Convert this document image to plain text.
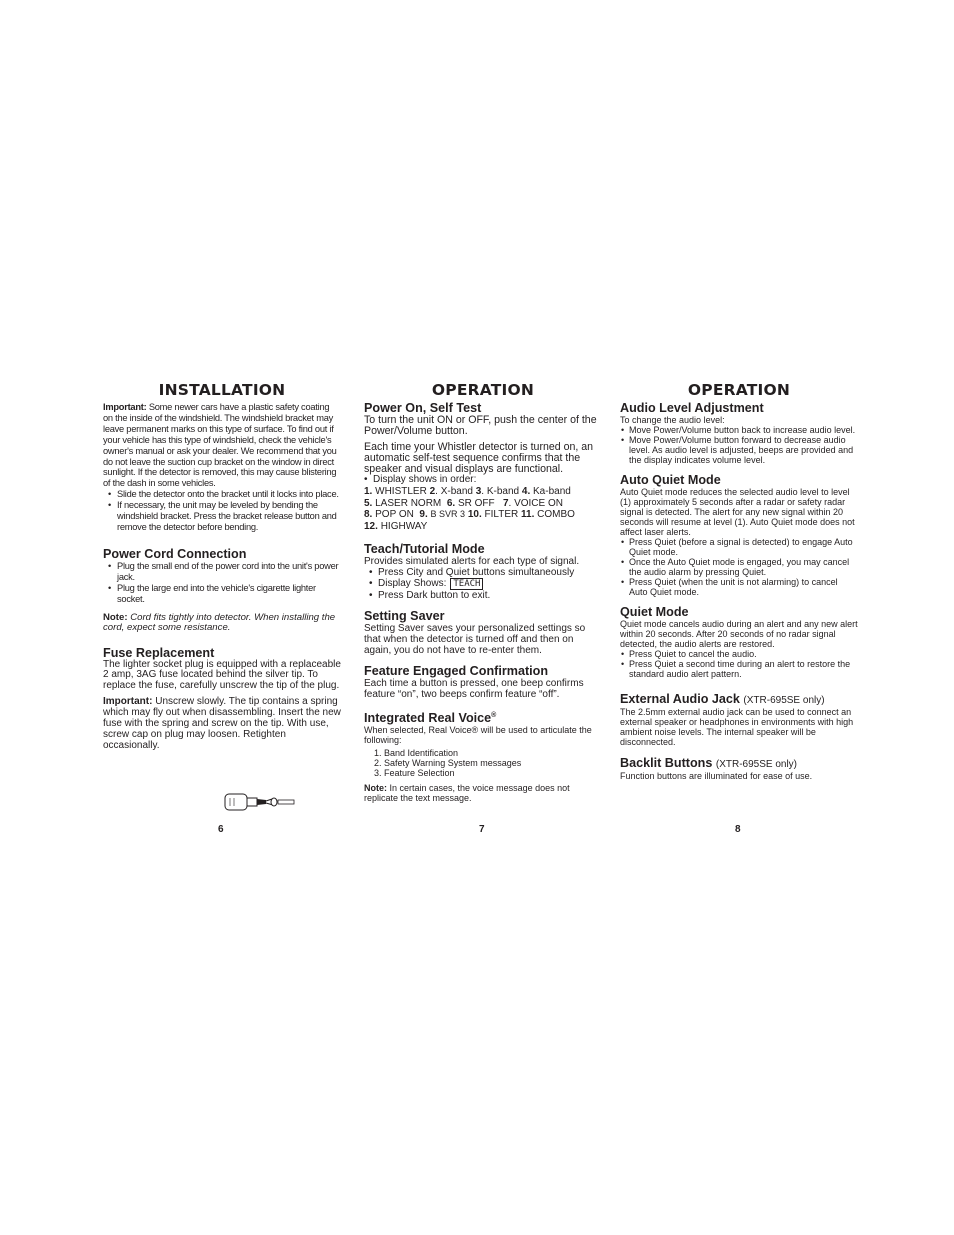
INSTALLATION

Important: Some newer cars have a plastic safety coating on the inside of the windshield. The windshield bracket may leave permanent marks on this type of surface. To find out if your vehicle has this type of windshield, check the vehicle's owner's manual or ask your dealer. We recommend that you do not leave the suction cup bracket on the window in direct sunlight. If the detector is removed, this may cause blistering of the dash in some vehicles.

• Slide the detector onto the bracket until it locks into place.
• If necessary, the unit may be leveled by bending the windshield bracket. Press the bracket release button and remove the detector before bending.
Power Cord Connection
• Plug the small end of the power cord into the unit's power jack.
• Plug the large end into the vehicle's cigarette lighter socket.

Note: Cord fits tightly into detector. When installing the cord, expect some resistance.

Fuse Replacement

The lighter socket plug is equipped with a replaceable 2 amp, 3AG fuse located behind the silver tip. To replace the fuse, carefully unscrew the tip of the plug.

Important: Unscrew slowly. The tip contains a spring which may fly out when disassembling. Insert the new fuse with the spring and screw on the tip. With use, screw cap on plug may loosen. Retighten occasionally.

6
OPERATION
Power On, Self Test

To turn the unit ON or OFF, push the center of the Power/Volume button.

Each time your Whistler detector is turned on, an automatic self-test sequence confirms that the speaker and visual displays are functional.

• Display shows in order:
1. WHISTLER 2. X-band 3. K-band 4. Ka-band
5. LASER NORM 6. SR OFF 7. VOICE ON
8. POP ON 9. B SVR 3 10. FILTER 11. COMBO
12. HIGHWAY
Teach/Tutorial Mode

Provides simulated alerts for each type of signal.

• Press City and Quiet buttons simultaneously
• Display Shows: TEACH
• Press Dark button to exit.
Setting Saver

Setting Saver saves your personalized settings so that when the detector is turned off and then on again, you do not have to re-enter them.

Feature Engaged Confirmation

Each time a button is pressed, one beep confirms feature “on”, two beeps confirm feature “off”.

Integrated Real Voice®

When selected, Real Voice® will be used to articulate the following:

1. Band Identification
2. Safety Warning System messages
3. Feature Selection

Note: In certain cases, the voice message does not replicate the text message.

7
OPERATION
Audio Level Adjustment

To change the audio level:

• Move Power/Volume button back to increase audio level.
• Move Power/Volume button forward to decrease audio level. As audio level is adjusted, beeps are provided and the display indicates volume level.
Auto Quiet Mode

Auto Quiet mode reduces the selected audio level to level (1) approximately 5 seconds after a radar or safety radar signal is detected. The alert for any new signal within 20 seconds will resume at level (1). Auto Quiet mode does not affect laser alerts.

• Press Quiet (before a signal is detected) to engage Auto Quiet mode.
• Once the Auto Quiet mode is engaged, you may cancel the audio alarm by pressing Quiet.
• Press Quiet (when the unit is not alarming) to cancel Auto Quiet mode.
Quiet Mode

Quiet mode cancels audio during an alert and any new alert within 20 seconds. After 20 seconds of no radar signal detected, the audio alerts are restored.

• Press Quiet to cancel the audio.
• Press Quiet a second time during an alert to restore the standard audio alert pattern.
External Audio Jack (XTR-695SE only)

The 2.5mm external audio jack can be used to connect an external speaker or headphones in environments with high ambient noise levels. The internal speaker will be disconnected.

Backlit Buttons (XTR-695SE only)

Function buttons are illuminated for ease of use.

8
